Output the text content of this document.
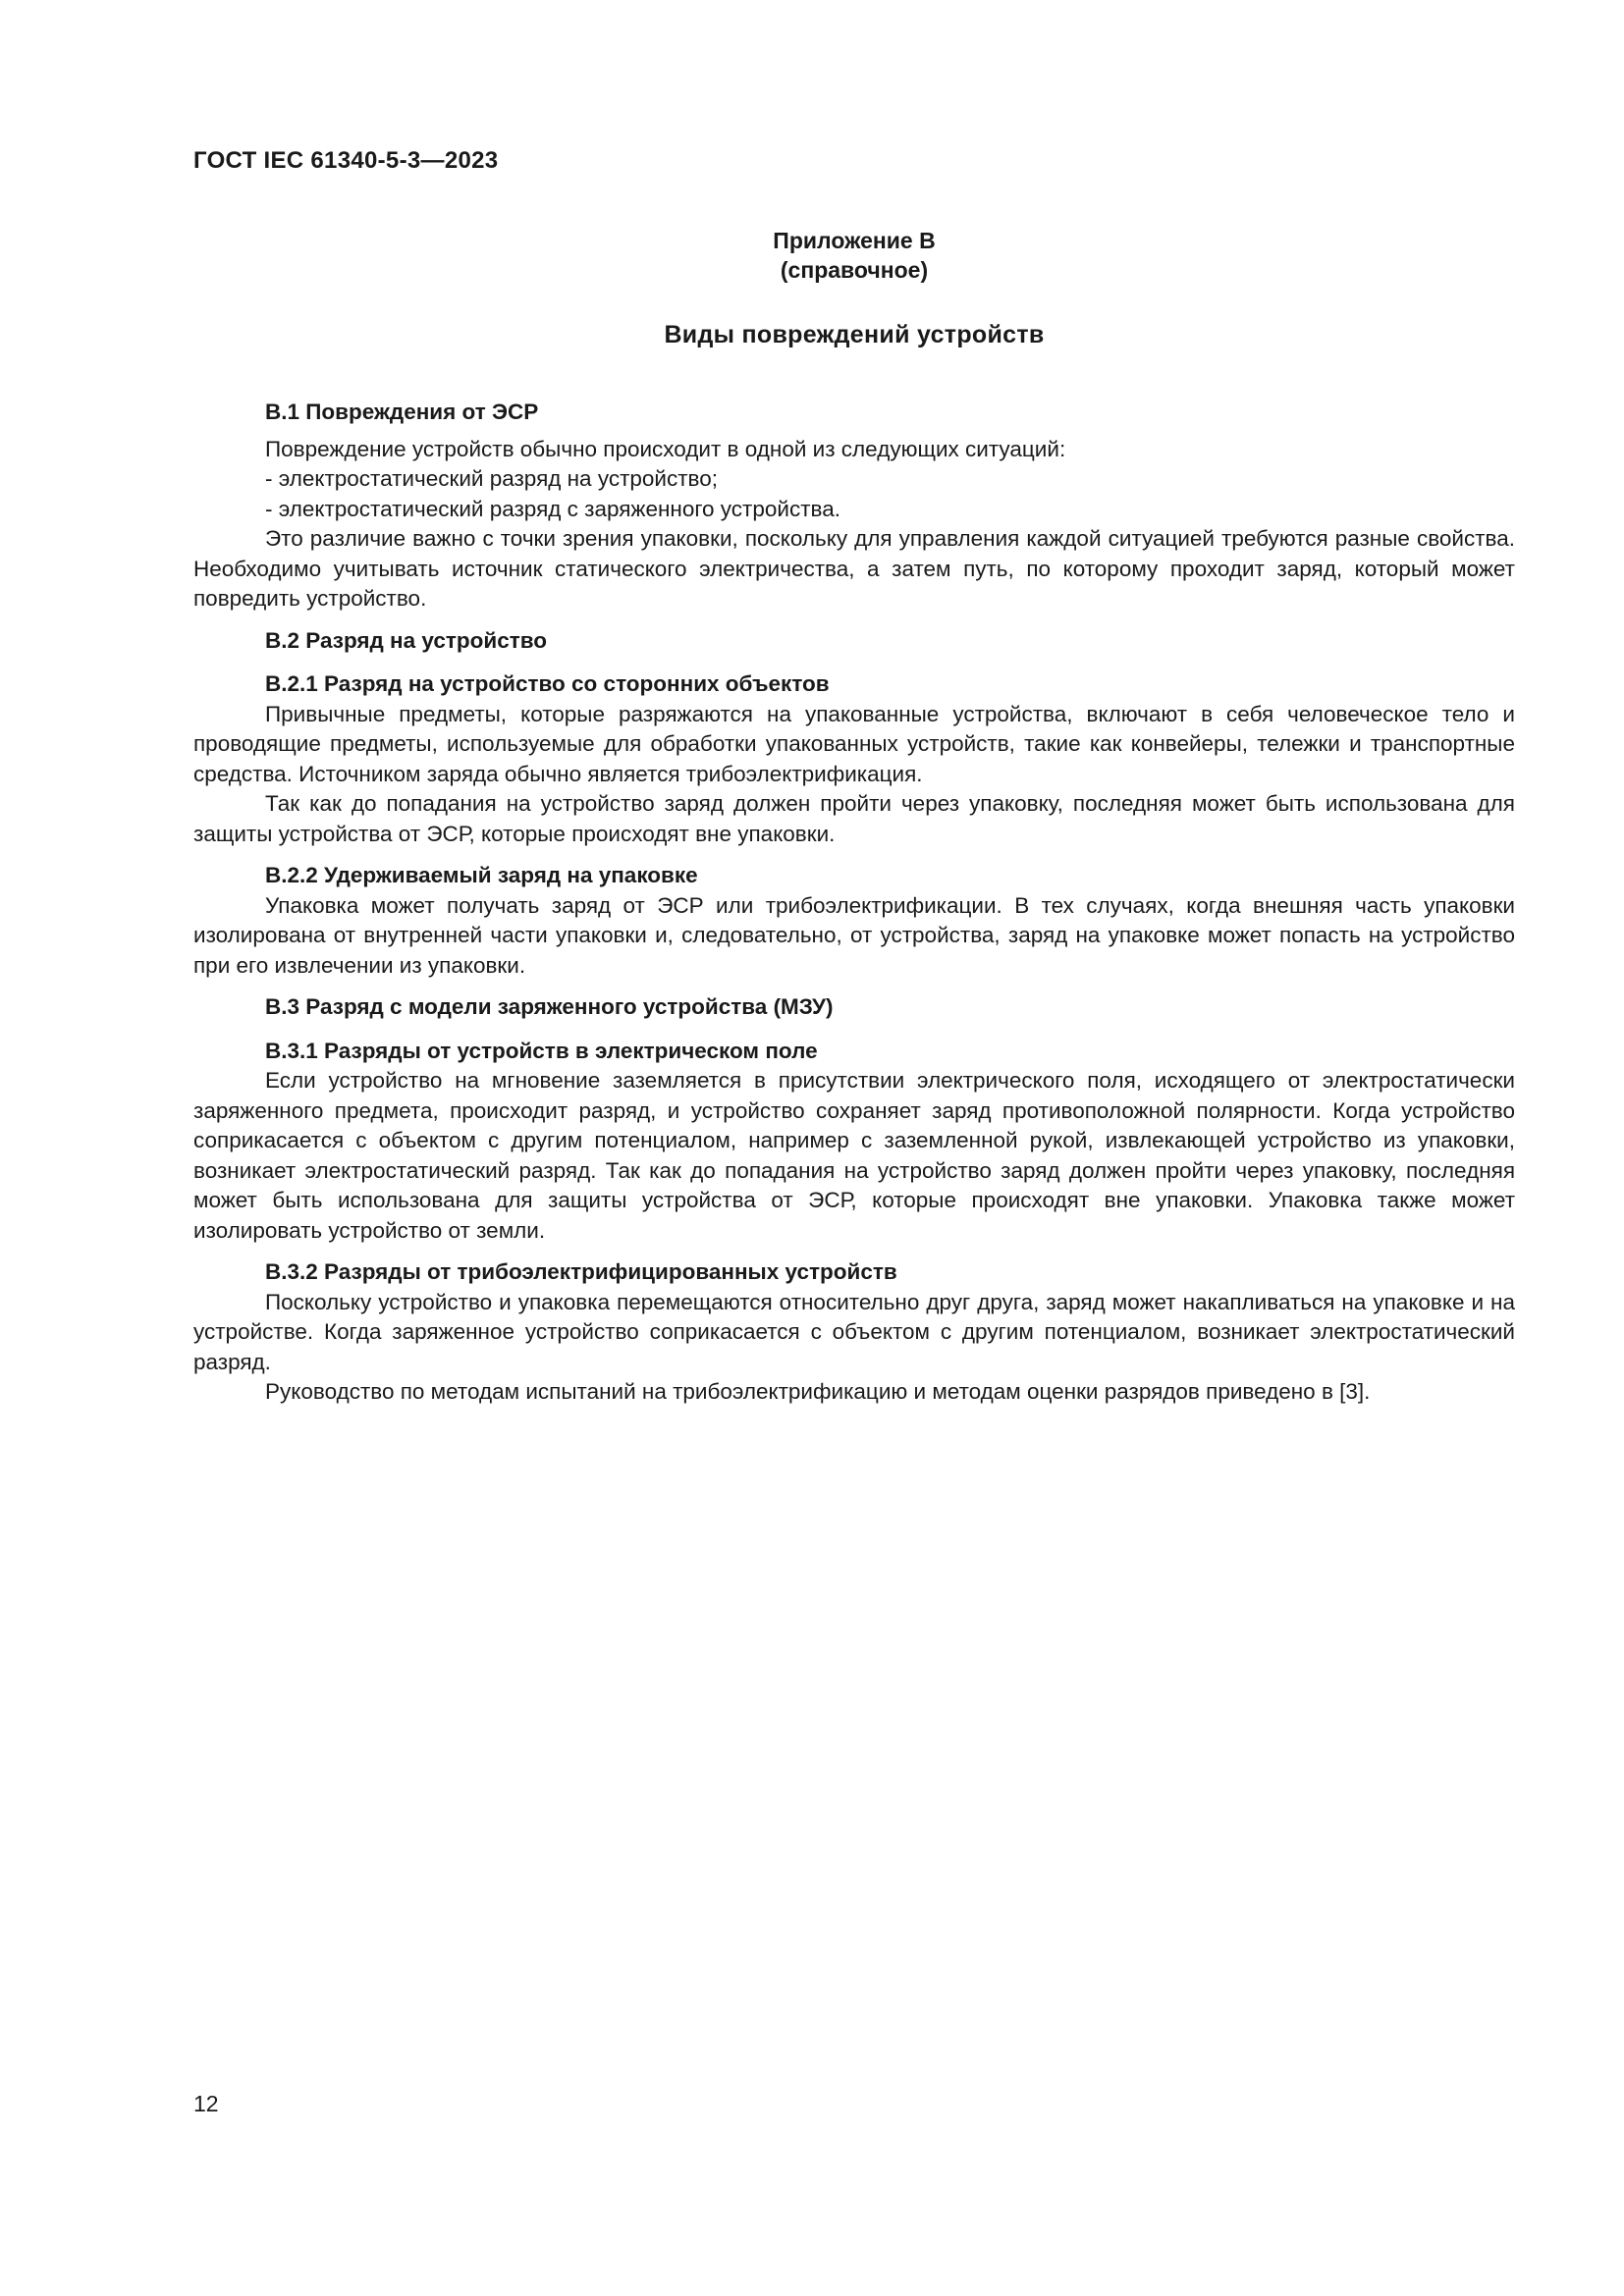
ГОСТ IEC 61340-5-3—2023

Приложение В

(справочное)

Виды повреждений устройств

В.1 Повреждения от ЭСР

Повреждение устройств обычно происходит в одной из следующих ситуаций:

- электростатический разряд на устройство;

- электростатический разряд с заряженного устройства.

Это различие важно с точки зрения упаковки, поскольку для управления каждой ситуацией требуются разные свойства. Необходимо учитывать источник статического электричества, а затем путь, по которому проходит заряд, который может повредить устройство.

В.2 Разряд на устройство
В.2.1 Разряд на устройство со сторонних объектов

Привычные предметы, которые разряжаются на упакованные устройства, включают в себя человеческое тело и проводящие предметы, используемые для обработки упакованных устройств, такие как конвейеры, тележки и транспортные средства. Источником заряда обычно является трибоэлектрификация.

Так как до попадания на устройство заряд должен пройти через упаковку, последняя может быть использована для защиты устройства от ЭСР, которые происходят вне упаковки.

В.2.2 Удерживаемый заряд на упаковке

Упаковка может получать заряд от ЭСР или трибоэлектрификации. В тех случаях, когда внешняя часть упаковки изолирована от внутренней части упаковки и, следовательно, от устройства, заряд на упаковке может попасть на устройство при его извлечении из упаковки.

В.3 Разряд с модели заряженного устройства (МЗУ)
В.3.1 Разряды от устройств в электрическом поле

Если устройство на мгновение заземляется в присутствии электрического поля, исходящего от электростатически заряженного предмета, происходит разряд, и устройство сохраняет заряд противоположной полярности. Когда устройство соприкасается с объектом с другим потенциалом, например с заземленной рукой, извлекающей устройство из упаковки, возникает электростатический разряд. Так как до попадания на устройство заряд должен пройти через упаковку, последняя может быть использована для защиты устройства от ЭСР, которые происходят вне упаковки. Упаковка также может изолировать устройство от земли.

В.3.2 Разряды от трибоэлектрифицированных устройств

Поскольку устройство и упаковка перемещаются относительно друг друга, заряд может накапливаться на упаковке и на устройстве. Когда заряженное устройство соприкасается с объектом с другим потенциалом, возникает электростатический разряд.

Руководство по методам испытаний на трибоэлектрификацию и методам оценки разрядов приведено в [3].

12
